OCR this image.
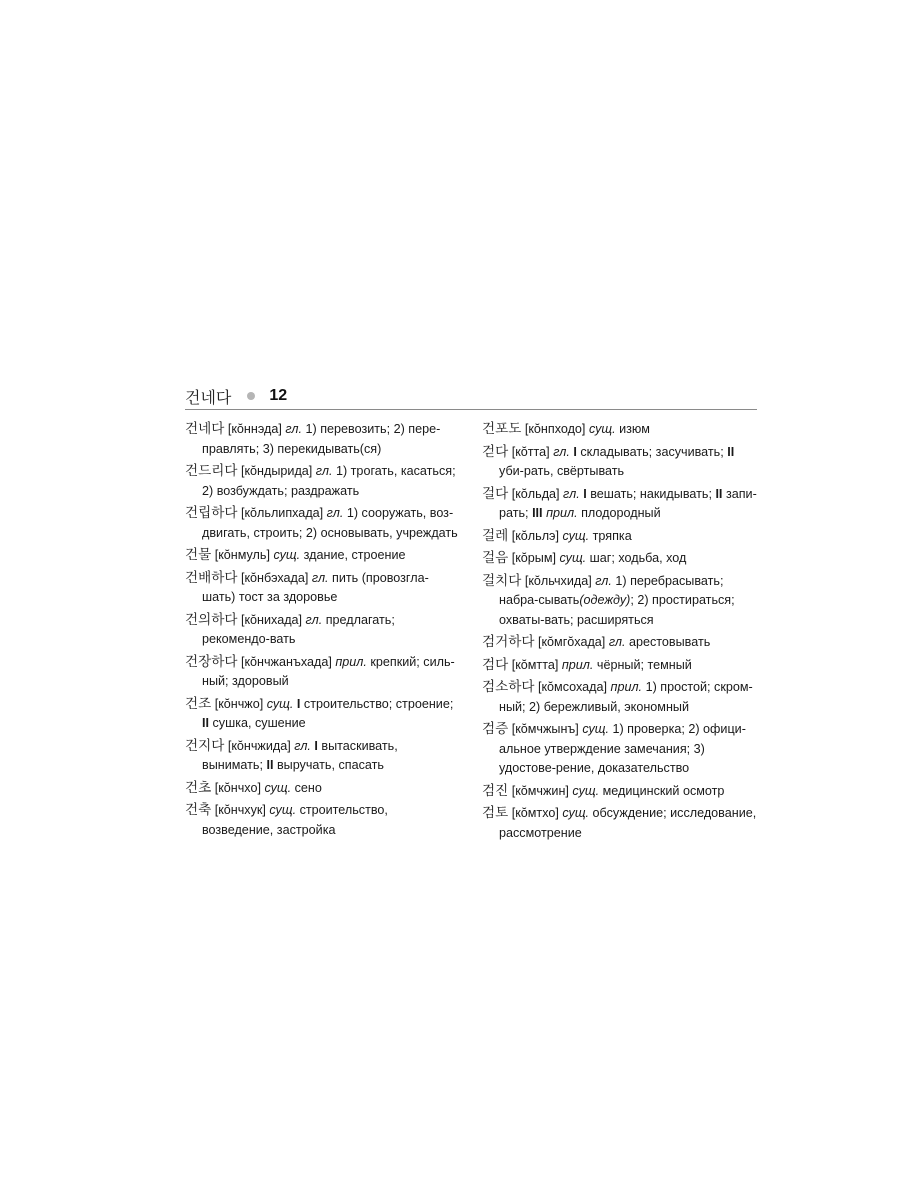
건네다 12
건네다 [кŏннэда] гл. 1) перевозить; 2) пере-правлять; 3) перекидывать(ся)
건드리다 [кŏндырида] гл. 1) трогать, касаться; 2) возбуждать; раздражать
건립하다 [кŏльлипхада] гл. 1) сооружать, воз-двигать, строить; 2) основывать, учреждать
건물 [кŏнмуль] сущ. здание, строение
건배하다 [кŏнбэхада] гл. пить (провозгла-шать) тост за здоровье
건의하다 [кŏнихада] гл. предлагать; рекомендо-вать
건장하다 [кŏнчжанъхада] прил. крепкий; силь-ный; здоровый
건조 [кŏнчжо] сущ. I строительство; строение; II сушка, сушение
건지다 [кŏнчжида] гл. I вытаскивать, вынимать; II выручать, спасать
건초 [кŏнчхо] сущ. сено
건축 [кŏнчхук] сущ. строительство, возведение, застройка
건포도 [кŏнпходо] сущ. изюм
걷다 [кŏтта] гл. I складывать; засучивать; II уби-рать, свёртывать
걸다 [кŏльда] гл. I вешать; накидывать; II запи-рать; III прил. плодородный
걸레 [кŏльлэ] сущ. тряпка
걸음 [кŏрым] сущ. шаг; ходьба, ход
걸치다 [кŏльчхида] гл. 1) перебрасывать; набра-сывать(одежду); 2) простираться; охваты-вать; расширяться
검거하다 [кŏмгŏхада] гл. арестовывать
검다 [кŏмтта] прил. чёрный; темный
검소하다 [кŏмсохада] прил. 1) простой; скром-ный; 2) бережливый, экономный
검증 [кŏмчжынъ] сущ. 1) проверка; 2) офици-альное утверждение замечания; 3) удостове-рение, доказательство
검진 [кŏмчжин] сущ. медицинский осмотр
검토 [кŏмтхо] сущ. обсуждение; исследование, рассмотрение
